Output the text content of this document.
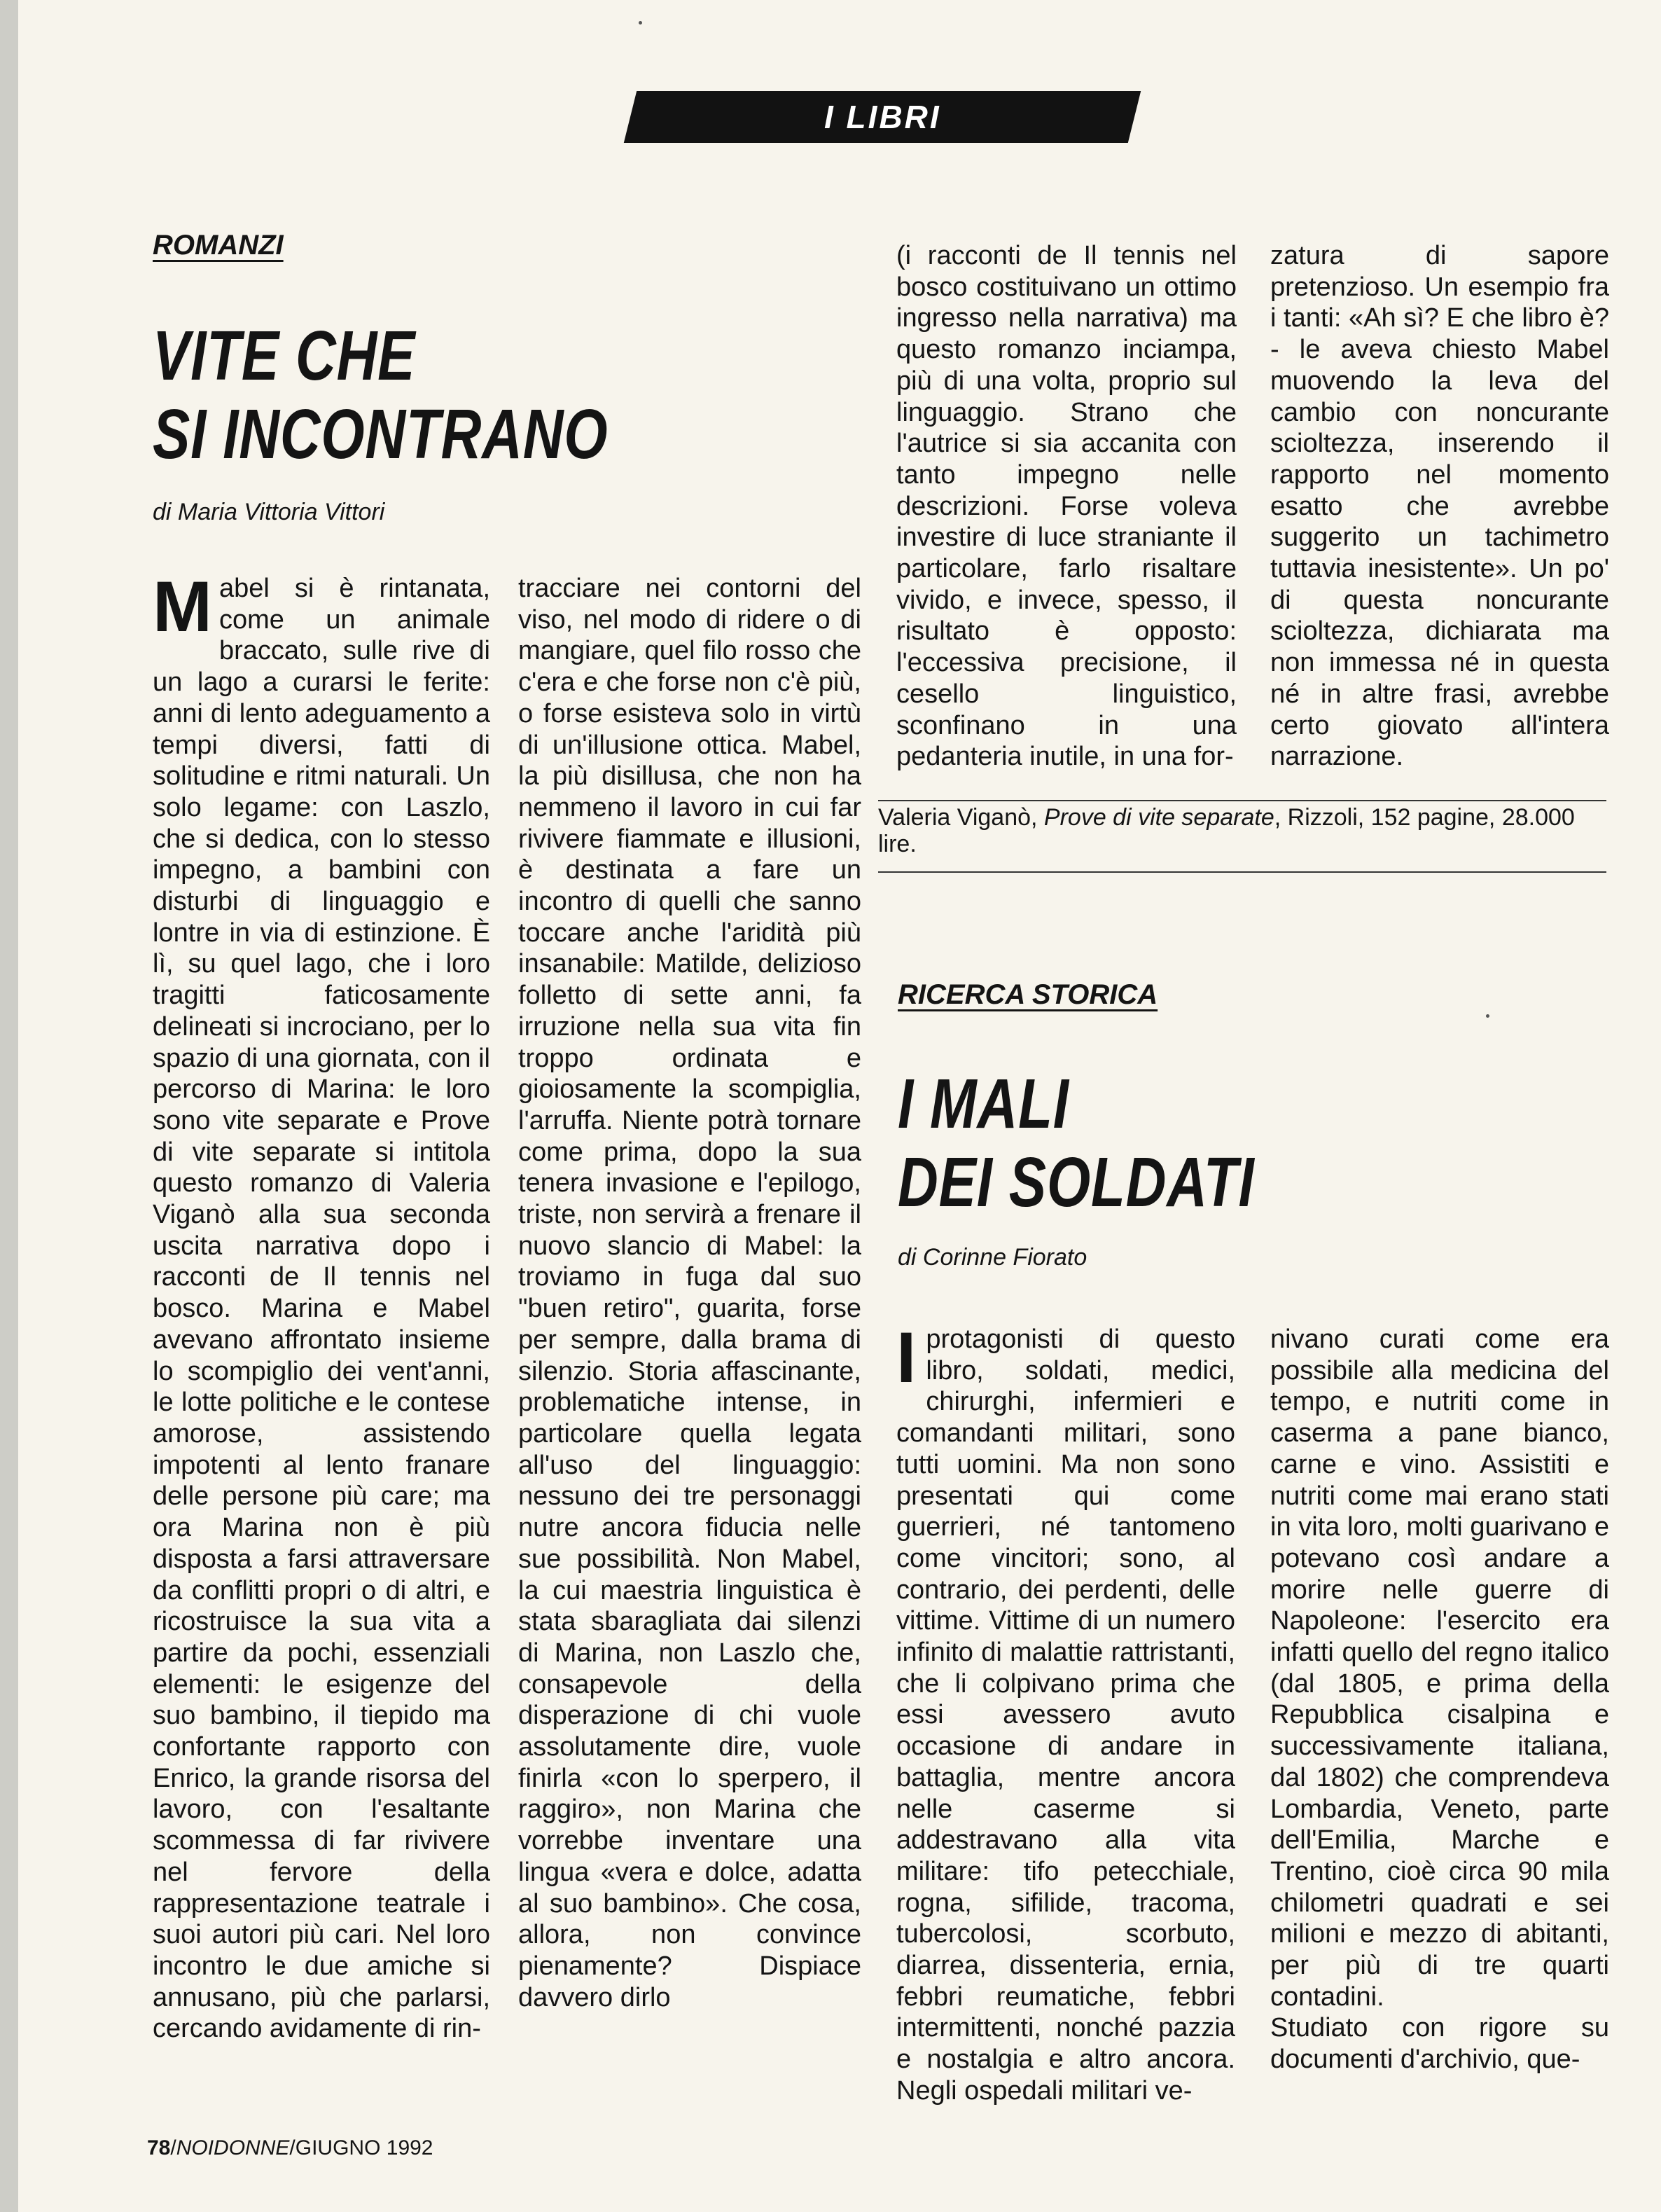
I LIBRI
ROMANZI
VITE CHE
SI INCONTRANO
di Maria Vittoria Vittori
M abel si è rintanata, come un animale braccato, sulle rive di un lago a curarsi le ferite: anni di lento adeguamento a tempi diversi, fatti di solitudine e ritmi naturali. Un solo legame: con Laszlo, che si dedica, con lo stesso impegno, a bambini con disturbi di linguaggio e lontre in via di estinzione. È lì, su quel lago, che i loro tragitti faticosamente delineati si incrociano, per lo spazio di una giornata, con il percorso di Marina: le loro sono vite separate e Prove di vite separate si intitola questo romanzo di Valeria Viganò alla sua seconda uscita narrativa dopo i racconti de Il tennis nel bosco. Marina e Mabel avevano affrontato insieme lo scompiglio dei vent'anni, le lotte politiche e le contese amorose, assistendo impotenti al lento franare delle persone più care; ma ora Marina non è più disposta a farsi attraversare da conflitti propri o di altri, e ricostruisce la sua vita a partire da pochi, essenziali elementi: le esigenze del suo bambino, il tiepido ma confortante rapporto con Enrico, la grande risorsa del lavoro, con l'esaltante scommessa di far rivivere nel fervore della rappresentazione teatrale i suoi autori più cari. Nel loro incontro le due amiche si annusano, più che parlarsi, cercando avidamente di rin-

tracciare nei contorni del viso, nel modo di ridere o di mangiare, quel filo rosso che c'era e che forse non c'è più, o forse esisteva solo in virtù di un'illusione ottica. Mabel, la più disillusa, che non ha nemmeno il lavoro in cui far rivivere fiammate e illusioni, è destinata a fare un incontro di quelli che sanno toccare anche l'aridità più insanabile: Matilde, delizioso folletto di sette anni, fa irruzione nella sua vita fin troppo ordinata e gioiosamente la scompiglia, l'arruffa. Niente potrà tornare come prima, dopo la sua tenera invasione e l'epilogo, triste, non servirà a frenare il nuovo slancio di Mabel: la troviamo in fuga dal suo "buen retiro", guarita, forse per sempre, dalla brama di silenzio. Storia affascinante, problematiche intense, in particolare quella legata all'uso del linguaggio: nessuno dei tre personaggi nutre ancora fiducia nelle sue possibilità. Non Mabel, la cui maestria linguistica è stata sbaragliata dai silenzi di Marina, non Laszlo che, consapevole della disperazione di chi vuole assolutamente dire, vuole finirla «con lo sperpero, il raggiro», non Marina che vorrebbe inventare una lingua «vera e dolce, adatta al suo bambino». Che cosa, allora, non convince pienamente? Dispiace davvero dirlo

(i racconti de Il tennis nel bosco costituivano un ottimo ingresso nella narrativa) ma questo romanzo inciampa, più di una volta, proprio sul linguaggio. Strano che l'autrice si sia accanita con tanto impegno nelle descrizioni. Forse voleva investire di luce straniante il particolare, farlo risaltare vivido, e invece, spesso, il risultato è opposto: l'eccessiva precisione, il cesello linguistico, sconfinano in una pedanteria inutile, in una for-

zatura di sapore pretenzioso. Un esempio fra i tanti: «Ah sì? E che libro è? - le aveva chiesto Mabel muovendo la leva del cambio con noncurante scioltezza, inserendo il rapporto nel momento esatto che avrebbe suggerito un tachimetro tuttavia inesistente». Un po' di questa noncurante scioltezza, dichiarata ma non immessa né in questa né in altre frasi, avrebbe certo giovato all'intera narrazione.

Valeria Viganò, Prove di vite separate, Rizzoli, 152 pagine, 28.000 lire.
RICERCA STORICA
I MALI
DEI SOLDATI
di Corinne Fiorato
I protagonisti di questo libro, soldati, medici, chirurghi, infermieri e comandanti militari, sono tutti uomini. Ma non sono presentati qui come guerrieri, né tantomeno come vincitori; sono, al contrario, dei perdenti, delle vittime. Vittime di un numero infinito di malattie rattristanti, che li colpivano prima che essi avessero avuto occasione di andare in battaglia, mentre ancora nelle caserme si addestravano alla vita militare: tifo petecchiale, rogna, sifilide, tracoma, tubercolosi, scorbuto, diarrea, dissenteria, ernia, febbri reumatiche, febbri intermittenti, nonché pazzia e nostalgia e altro ancora. Negli ospedali militari ve-

nivano curati come era possibile alla medicina del tempo, e nutriti come in caserma a pane bianco, carne e vino. Assistiti e nutriti come mai erano stati in vita loro, molti guarivano e potevano così andare a morire nelle guerre di Napoleone: l'esercito era infatti quello del regno italico (dal 1805, e prima della Repubblica cisalpina e successivamente italiana, dal 1802) che comprendeva Lombardia, Veneto, parte dell'Emilia, Marche e Trentino, cioè circa 90 mila chilometri quadrati e sei milioni e mezzo di abitanti, per più di tre quarti contadini.

Studiato con rigore su documenti d'archivio, que-

78/NOIDONNE/GIUGNO 1992
